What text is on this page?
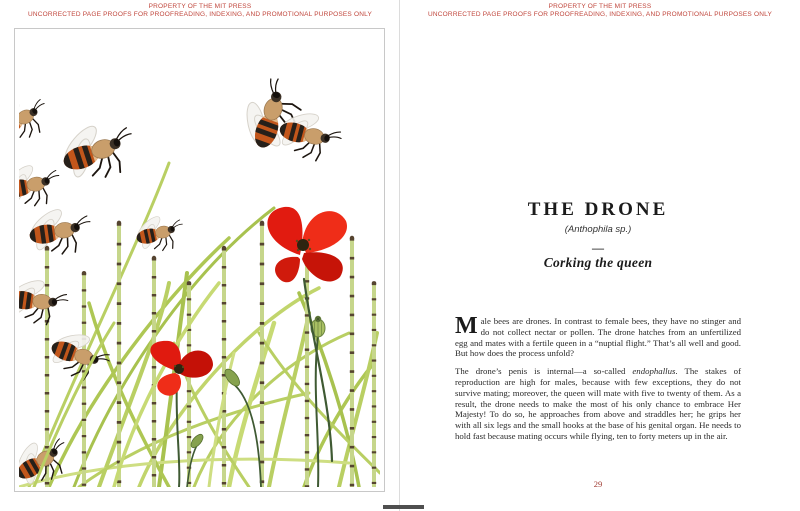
PROPERTY OF THE MIT PRESS
UNCORRECTED PAGE PROOFS FOR PROOFREADING, INDEXING, AND PROMOTIONAL PURPOSES ONLY
PROPERTY OF THE MIT PRESS
UNCORRECTED PAGE PROOFS FOR PROOFREADING, INDEXING, AND PROMOTIONAL PURPOSES ONLY
THE DRONE
(Anthophila sp.)
—
Corking the queen

Male bees are drones. In contrast to female bees, they have no stinger and do not collect nectar or pollen. The drone hatches from an unfertilized egg and mates with a fertile queen in a “nuptial flight.” That’s all well and good. But how does the process unfold?

The drone’s penis is internal—a so-called endophallus. The stakes of reproduction are high for males, because with few exceptions, they do not survive mating; moreover, the queen will mate with five to twenty of them. As a result, the drone needs to make the most of his only chance to embrace Her Majesty! To do so, he approaches from above and straddles her; he grips her with all six legs and the small hooks at the base of his genital organ. He needs to hold fast because mating occurs while flying, ten to forty meters up in the air.

29
